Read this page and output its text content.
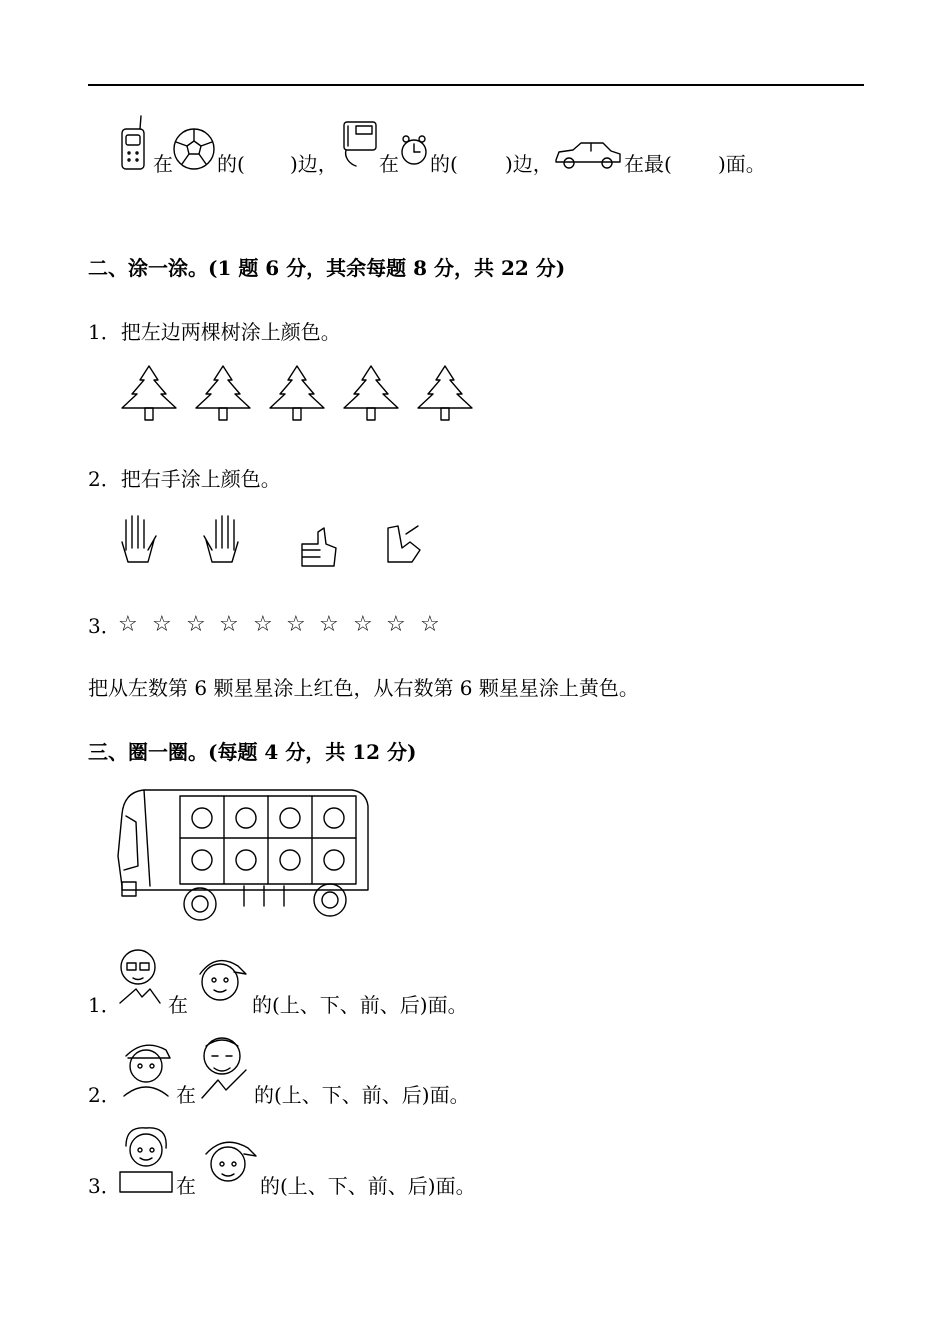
在 的( )边， 在 的( )边，	在最( )面。
二、涂一涂。(1 题 6 分，其余每题 8 分，共 22 分)
1．把左边两棵树涂上颜色。
2．把右手涂上颜色。
3．
☆ ☆ ☆ ☆ ☆ ☆ ☆ ☆ ☆ ☆
把从左数第 6 颗星星涂上红色，从右数第 6 颗星星涂上黄色。
三、圈一圈。(每题 4 分，共 12 分)
1． 在	的(上、下、前、后)面。
2．	在	的(上、下、前、后)面。
3．	在	的(上、下、前、后)面。
